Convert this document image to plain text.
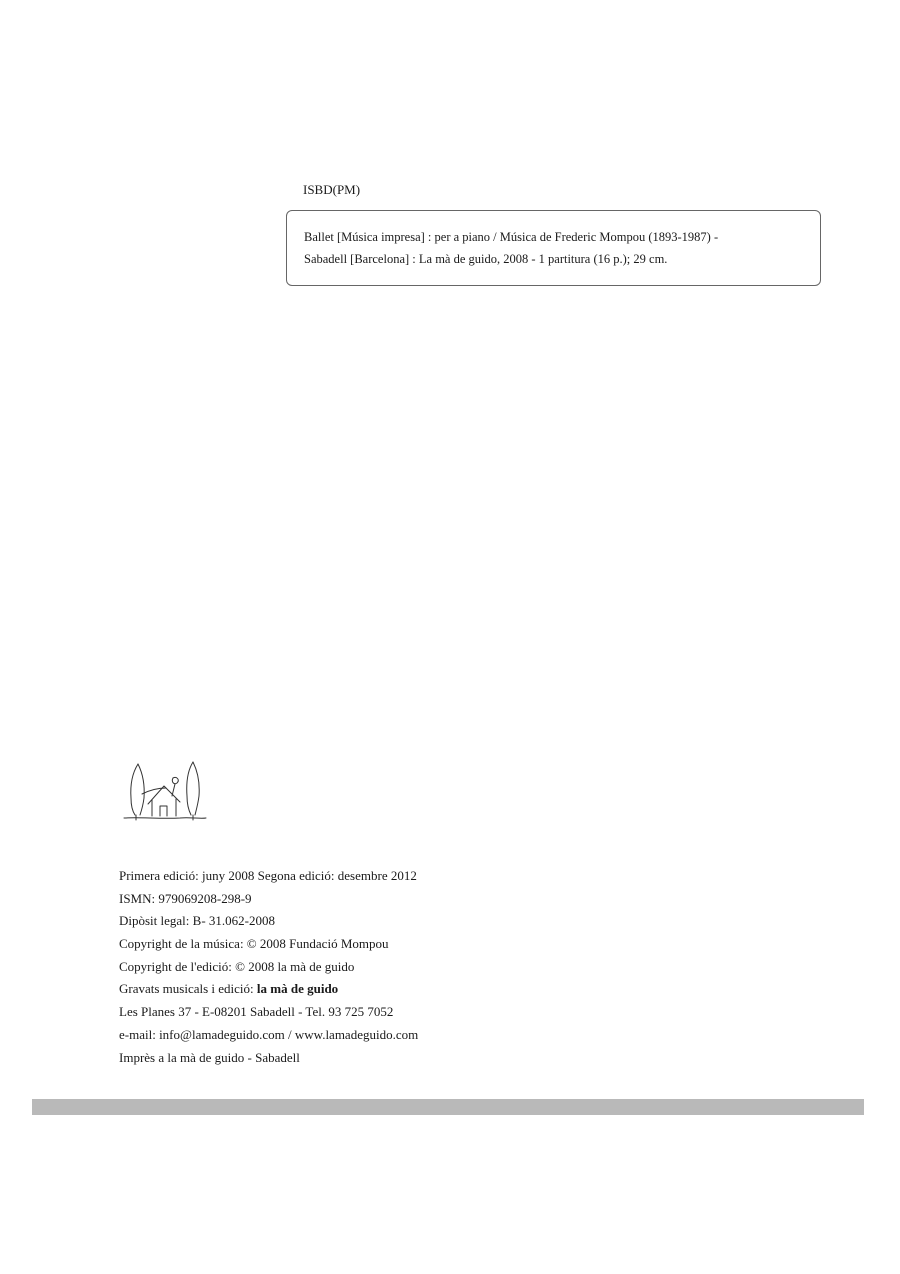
ISBD(PM)
Ballet [Música impresa] : per a piano / Música de Frederic Mompou (1893-1987) -
Sabadell [Barcelona] : La mà de guido, 2008 - 1 partitura (16 p.); 29 cm.
Primera edició: juny 2008 Segona edició: desembre 2012
ISMN: 979069208-298-9
Dipòsit legal: B- 31.062-2008
Copyright de la música: © 2008 Fundació Mompou
Copyright de l'edició: © 2008 la mà de guido
Gravats musicals i edició: la mà de guido
Les Planes 37 - E-08201 Sabadell - Tel. 93 725 7052
e-mail: info@lamadeguido.com / www.lamadeguido.com
Imprès a la mà de guido - Sabadell
